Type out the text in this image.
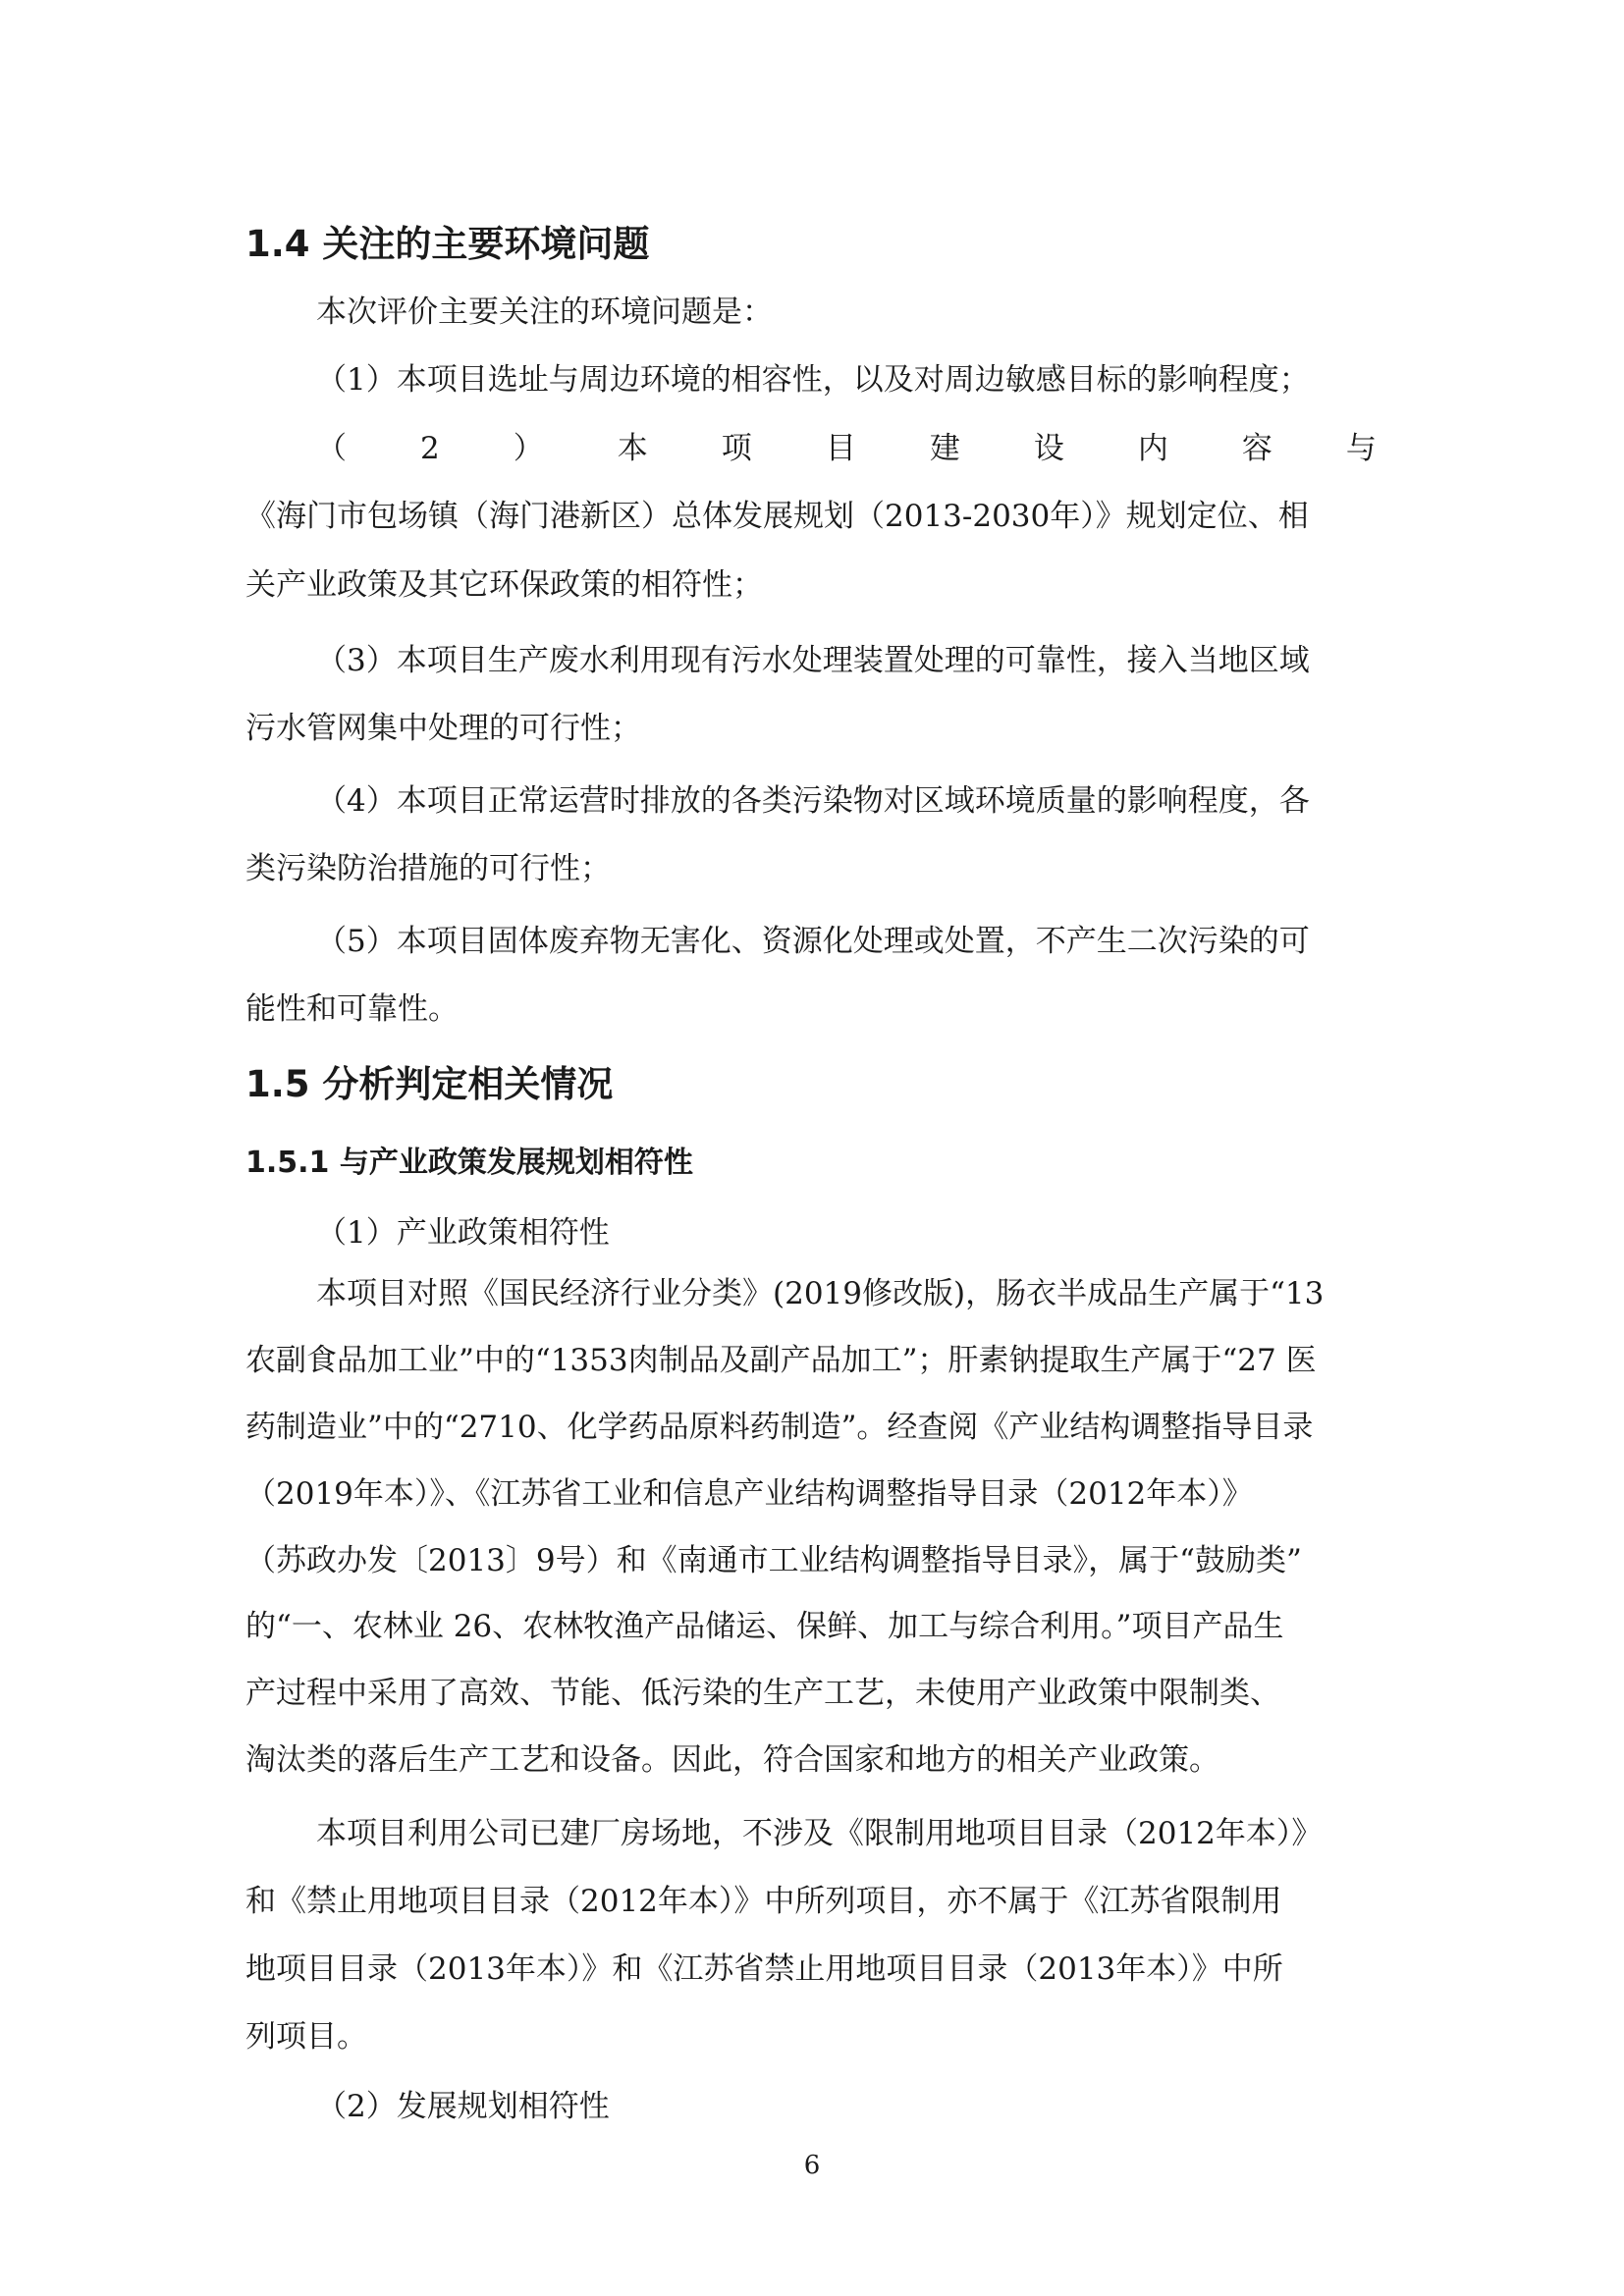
1.4 关注的主要环境问题
本次评价主要关注的环境问题是：
（1）本项目选址与周边环境的相容性，以及对周边敏感目标的影响程度；
（ 2 ） 本 项 目 建 设 内 容 与
《海门市包场镇（海门港新区）总体发展规划（2013-2030年）》规划定位、相
关产业政策及其它环保政策的相符性；
（3）本项目生产废水利用现有污水处理装置处理的可靠性，接入当地区域
污水管网集中处理的可行性；
（4）本项目正常运营时排放的各类污染物对区域环境质量的影响程度，各
类污染防治措施的可行性；
（5）本项目固体废弃物无害化、资源化处理或处置，不产生二次污染的可
能性和可靠性。
1.5 分析判定相关情况
1.5.1 与产业政策发展规划相符性
（1）产业政策相符性
本项目对照《国民经济行业分类》(2019修改版)，肠衣半成品生产属于“13
农副食品加工业”中的“1353肉制品及副产品加工”；肝素钠提取生产属于“27 医
药制造业”中的“2710、化学药品原料药制造”。经查阅《产业结构调整指导目录
（2019年本）》、《江苏省工业和信息产业结构调整指导目录（2012年本）》
（苏政办发〔2013〕9号）和《南通市工业结构调整指导目录》，属于“鼓励类”
的“一、农林业 26、农林牧渔产品储运、保鲜、加工与综合利用。”项目产品生
产过程中采用了高效、节能、低污染的生产工艺，未使用产业政策中限制类、
淘汰类的落后生产工艺和设备。因此，符合国家和地方的相关产业政策。
本项目利用公司已建厂房场地，不涉及《限制用地项目目录（2012年本）》
和《禁止用地项目目录（2012年本）》中所列项目，亦不属于《江苏省限制用
地项目目录（2013年本）》和《江苏省禁止用地项目目录（2013年本）》中所
列项目。
（2）发展规划相符性
6
